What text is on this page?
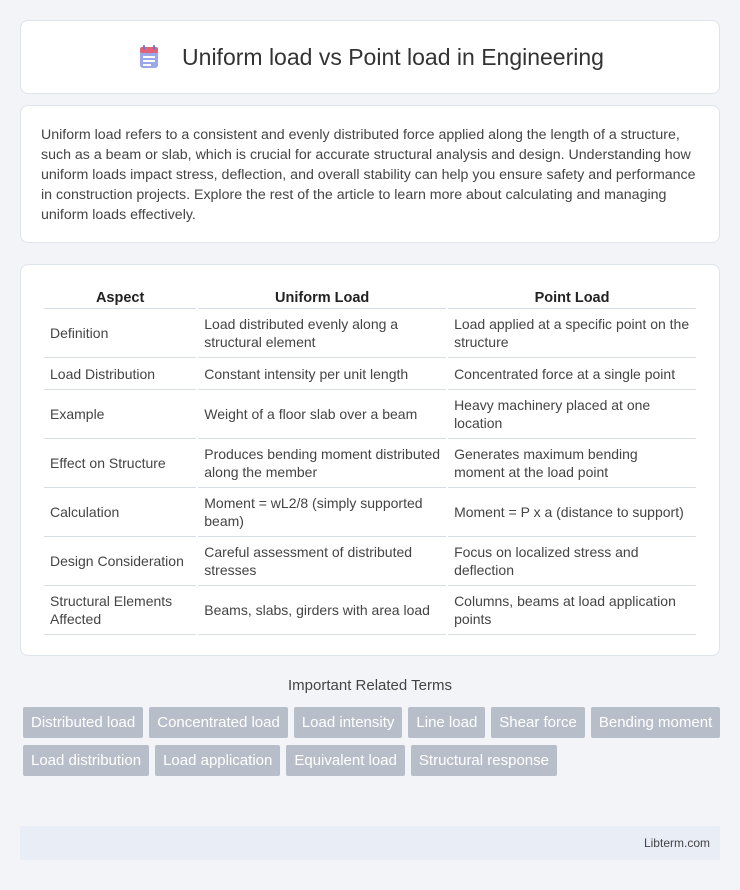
Uniform load vs Point load in Engineering

Uniform load refers to a consistent and evenly distributed force applied along the length of a structure, such as a beam or slab, which is crucial for accurate structural analysis and design. Understanding how uniform loads impact stress, deflection, and overall stability can help you ensure safety and performance in construction projects. Explore the rest of the article to learn more about calculating and managing uniform loads effectively.

Aspect	Uniform Load	Point Load
Definition	Load distributed evenly along a structural element	Load applied at a specific point on the structure
Load Distribution	Constant intensity per unit length	Concentrated force at a single point
Example	Weight of a floor slab over a beam	Heavy machinery placed at one location
Effect on Structure	Produces bending moment distributed along the member	Generates maximum bending moment at the load point
Calculation	Moment = wL2/8 (simply supported beam)	Moment = P x a (distance to support)
Design Consideration	Careful assessment of distributed stresses	Focus on localized stress and deflection
Structural Elements Affected	Beams, slabs, girders with area load	Columns, beams at load application points
Important Related Terms
Distributed load	Concentrated load	Load intensity	Line load	Shear force	Bending moment
Load distribution	Load application	Equivalent load	Structural response
Libterm.com
